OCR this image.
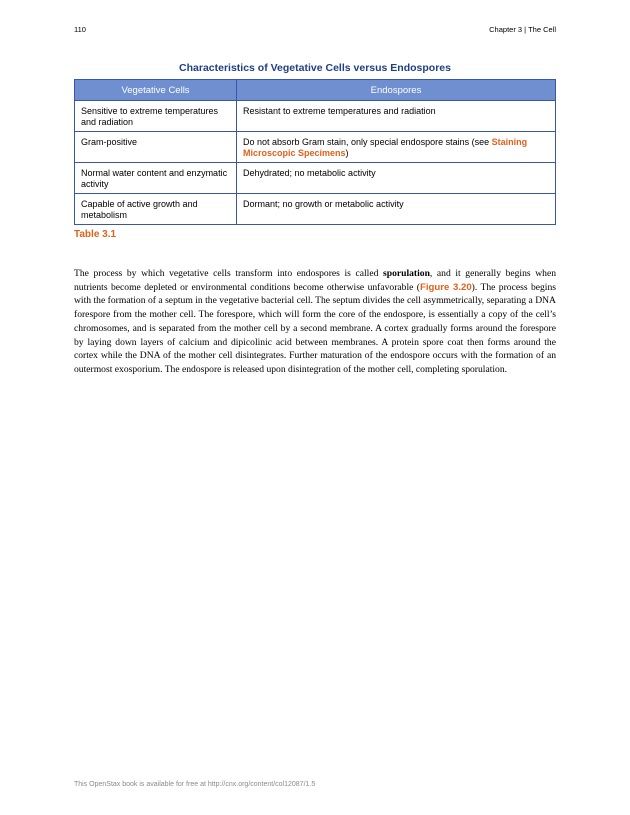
110	Chapter 3 | The Cell
Characteristics of Vegetative Cells versus Endospores
Vegetative Cells	Endospores
Sensitive to extreme temperatures and radiation	Resistant to extreme temperatures and radiation
Gram-positive	Do not absorb Gram stain, only special endospore stains (see Staining Microscopic Specimens)
Normal water content and enzymatic activity	Dehydrated; no metabolic activity
Capable of active growth and metabolism	Dormant; no growth or metabolic activity
Table 3.1

The process by which vegetative cells transform into endospores is called sporulation, and it generally begins when nutrients become depleted or environmental conditions become otherwise unfavorable (Figure 3.20). The process begins with the formation of a septum in the vegetative bacterial cell. The septum divides the cell asymmetrically, separating a DNA forespore from the mother cell. The forespore, which will form the core of the endospore, is essentially a copy of the cell’s chromosomes, and is separated from the mother cell by a second membrane. A cortex gradually forms around the forespore by laying down layers of calcium and dipicolinic acid between membranes. A protein spore coat then forms around the cortex while the DNA of the mother cell disintegrates. Further maturation of the endospore occurs with the formation of an outermost exosporium. The endospore is released upon disintegration of the mother cell, completing sporulation.

This OpenStax book is available for free at http://cnx.org/content/col12087/1.5
